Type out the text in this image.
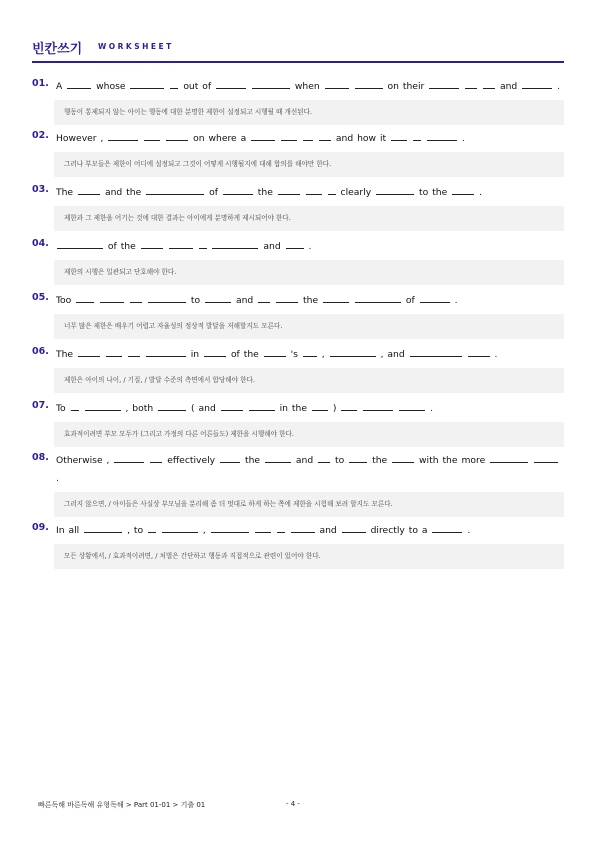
빈칸쓰기 WORKSHEET
01. A	whose	out of	when	on their	and	.
행동이 통제되지 않는 아이는 행동에 대한 분명한 제한이 설정되고 시행될 때 개선된다.
02. However ,	on where a	and how it	.
그러나 부모들은 제한이 어디에 설정되고 그것이 어떻게 시행될지에 대해 합의를 해야만 한다.
03. The	and the	of	the	clearly	to the	.
제한과 그 제한을 어기는 것에 대한 결과는 아이에게 분명하게 제시되어야 한다.
04.	of the	and	.
제한의 시행은 일관되고 단호해야 한다.
05. Too	to	and	the	of	.
너무 많은 제한은 배우기 어렵고 자율성의 정상적 발달을 저해할지도 모른다.
06. The	in	of the	's	,	, and	.
제한은 아이의 나이, / 기질, / 발달 수준의 측면에서 합당해야 한다.
07. To	, both	( and	in the	)	.
효과적이려면 부모 모두가 (그리고 가정의 다른 어른들도) 제한을 시행해야 한다.
08. Otherwise ,	effectively	the	and to	the	with the more   .
그러지 않으면, / 아이들은 사실상 부모님을 분리해 좀 더 멋대로 하게 하는 쪽에 제한을 시험해 보려 할지도 모른다.
09. In all	, to	,	and	directly to a	.
모든 상황에서, / 효과적이려면, / 처벌은 간단하고 행동과 직접적으로 관련이 있어야 한다.
빠른독해 바른독해 유형독해 > Part 01-01 > 기출 01	- 4 -
